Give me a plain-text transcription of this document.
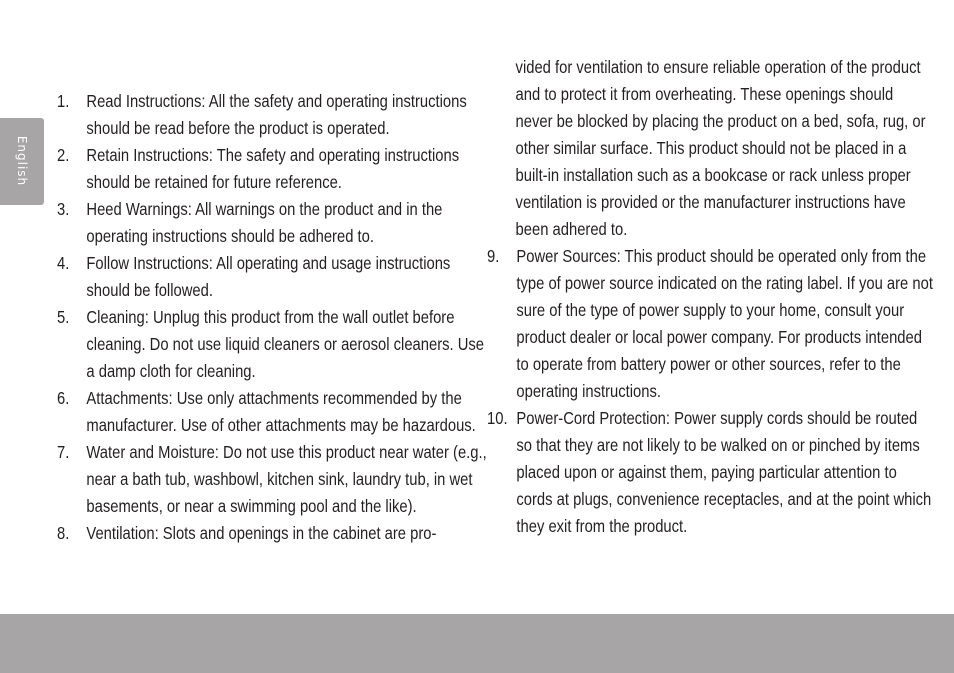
English
1. Read Instructions: All the safety and operating instructions should be read before the product is operated.
2. Retain Instructions: The safety and operating instructions should be retained for future reference.
3. Heed Warnings: All warnings on the product and in the operating instructions should be adhered to.
4. Follow Instructions: All operating and usage instructions should be followed.
5. Cleaning: Unplug this product from the wall outlet before cleaning. Do not use liquid cleaners or aerosol cleaners. Use a damp cloth for cleaning.
6. Attachments: Use only attachments recommended by the manufacturer. Use of other attachments may be hazardous.
7. Water and Moisture: Do not use this product near water (e.g., near a bath tub, washbowl, kitchen sink, laundry tub, in wet basements, or near a swimming pool and the like).
8. Ventilation: Slots and openings in the cabinet are pro-
vided for ventilation to ensure reliable operation of the product and to protect it from overheating. These openings should never be blocked by placing the product on a bed, sofa, rug, or other similar surface. This product should not be placed in a built-in installation such as a bookcase or rack unless proper ventilation is provided or the manufacturer instructions have been adhered to.
9. Power Sources: This product should be operated only from the type of power source indicated on the rating label. If you are not sure of the type of power supply to your home, consult your product dealer or local power company. For products intended to operate from battery power or other sources, refer to the operating instructions.
10. Power-Cord Protection: Power supply cords should be routed so that they are not likely to be walked on or pinched by items placed upon or against them, paying particular attention to cords at plugs, convenience receptacles, and at the point which they exit from the product.
